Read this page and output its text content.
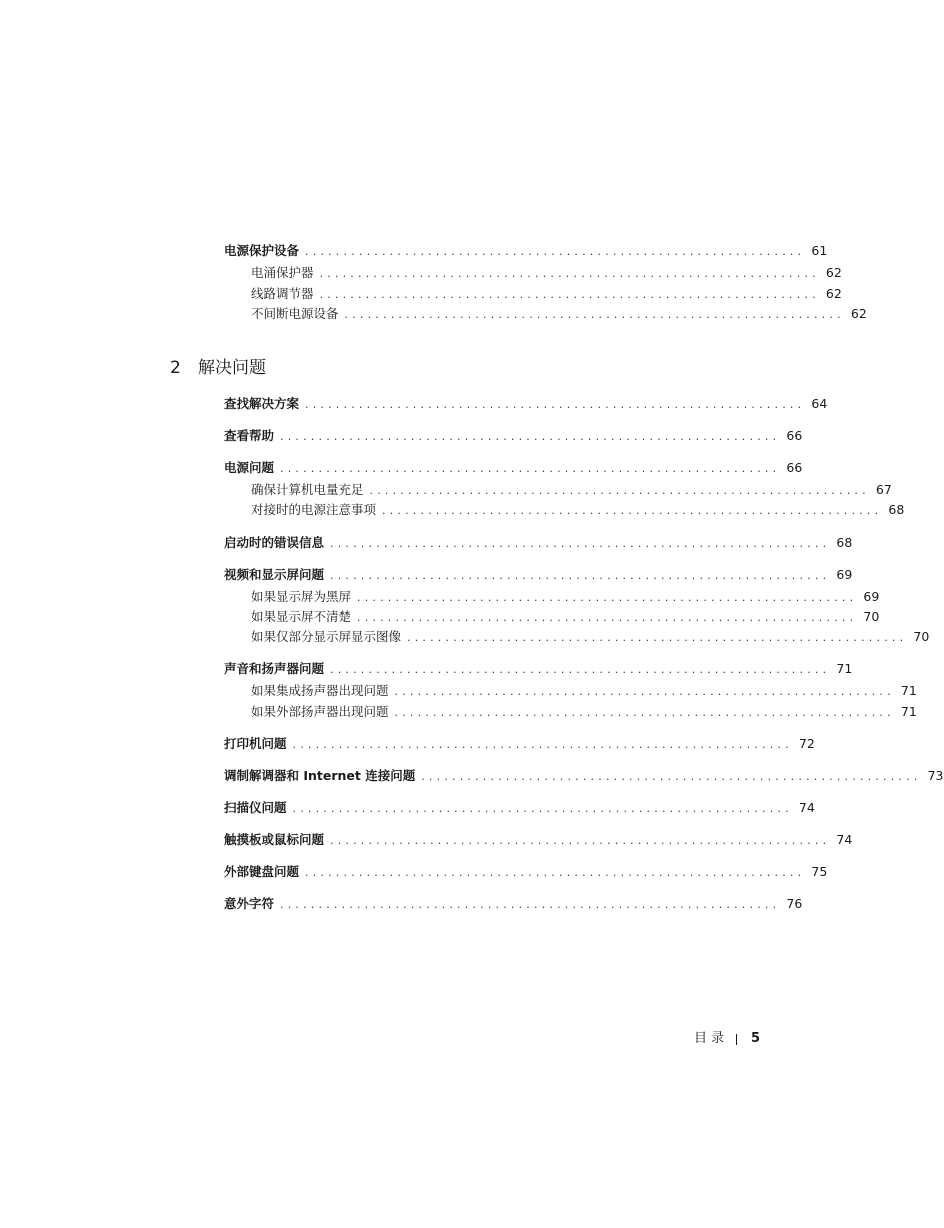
电源保护设备 ................................................................. 61
电涌保护器 ................................................................. 62
线路调节器 ................................................................. 62
不间断电源设备 ................................................................. 62
2 解决问题
查找解决方案 ................................................................. 64
查看帮助 ................................................................. 66
电源问题 ................................................................. 66
确保计算机电量充足 ................................................................. 67
对接时的电源注意事项 ................................................................. 68
启动时的错误信息 ................................................................. 68
视频和显示屏问题 ................................................................. 69
如果显示屏为黑屏 ................................................................. 69
如果显示屏不清楚 ................................................................. 70
如果仅部分显示屏显示图像 ................................................................. 70
声音和扬声器问题 ................................................................. 71
如果集成扬声器出现问题 ................................................................. 71
如果外部扬声器出现问题 ................................................................. 71
打印机问题 ................................................................. 72
调制解调器和 Internet 连接问题 ................................................................. 73
扫描仪问题 ................................................................. 74
触摸板或鼠标问题 ................................................................. 74
外部键盘问题 ................................................................. 75
意外字符 ................................................................. 76
目录 5
